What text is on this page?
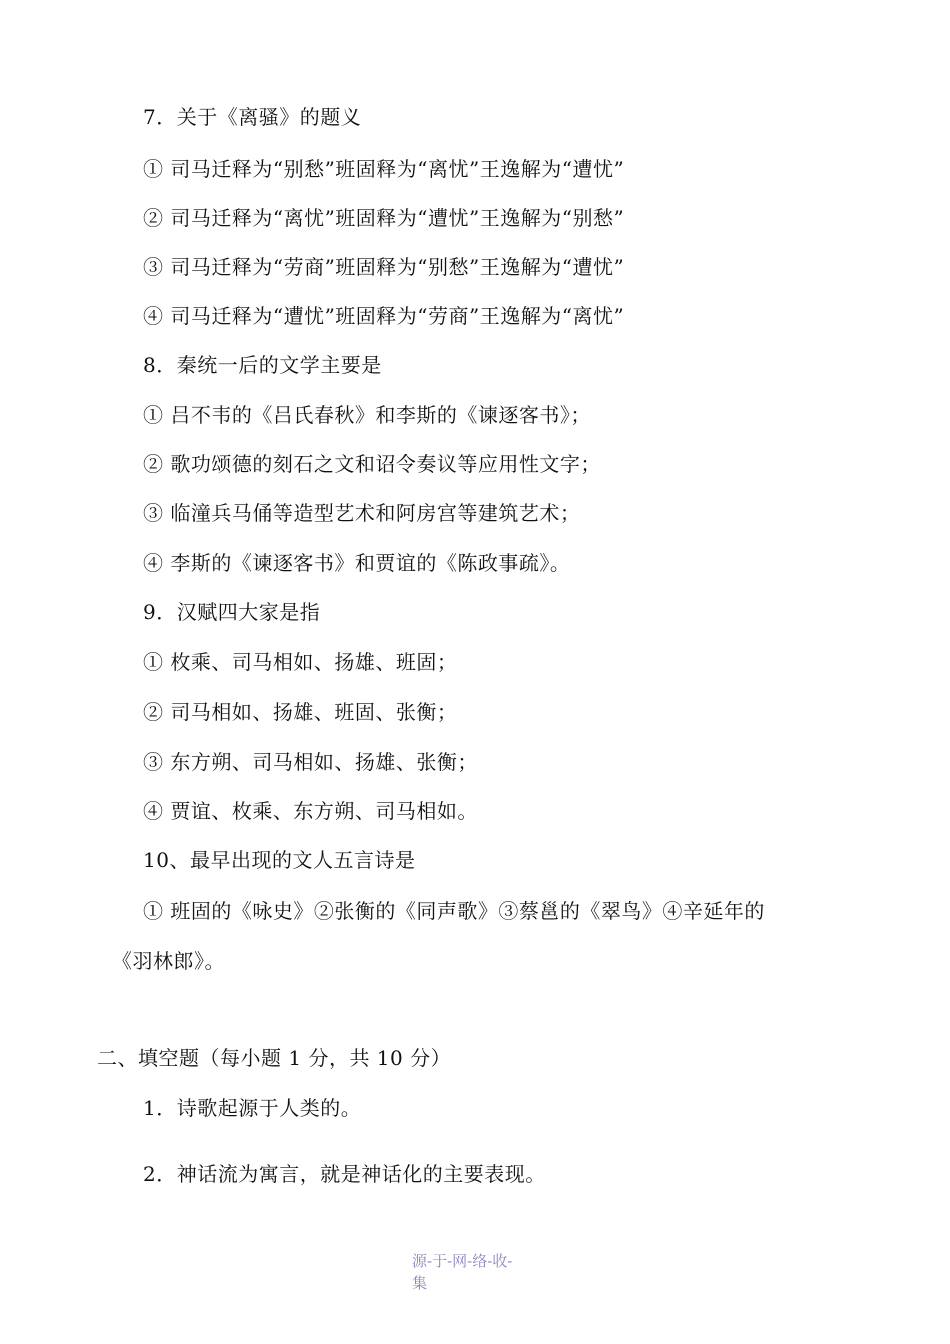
7．关于《离骚》的题义
① 司马迁释为“别愁”班固释为“离忧”王逸解为“遭忧”
② 司马迁释为“离忧”班固释为“遭忧”王逸解为“别愁”
③ 司马迁释为“劳商”班固释为“别愁”王逸解为“遭忧”
④ 司马迁释为“遭忧”班固释为“劳商”王逸解为“离忧”
8．秦统一后的文学主要是
① 吕不韦的《吕氏春秋》和李斯的《谏逐客书》；
② 歌功颂德的刻石之文和诏令奏议等应用性文字；
③ 临潼兵马俑等造型艺术和阿房宫等建筑艺术；
④ 李斯的《谏逐客书》和贾谊的《陈政事疏》。
9．汉赋四大家是指
① 枚乘、司马相如、扬雄、班固；
② 司马相如、扬雄、班固、张衡；
③ 东方朔、司马相如、扬雄、张衡；
④ 贾谊、枚乘、东方朔、司马相如。
10、最早出现的文人五言诗是
① 班固的《咏史》②张衡的《同声歌》③蔡邕的《翠鸟》④辛延年的
《羽林郎》。
二、填空题（每小题 1 分，共 10 分）
1．诗歌起源于人类的。
2．神话流为寓言，就是神话化的主要表现。
源-于-网-络-收-
集
